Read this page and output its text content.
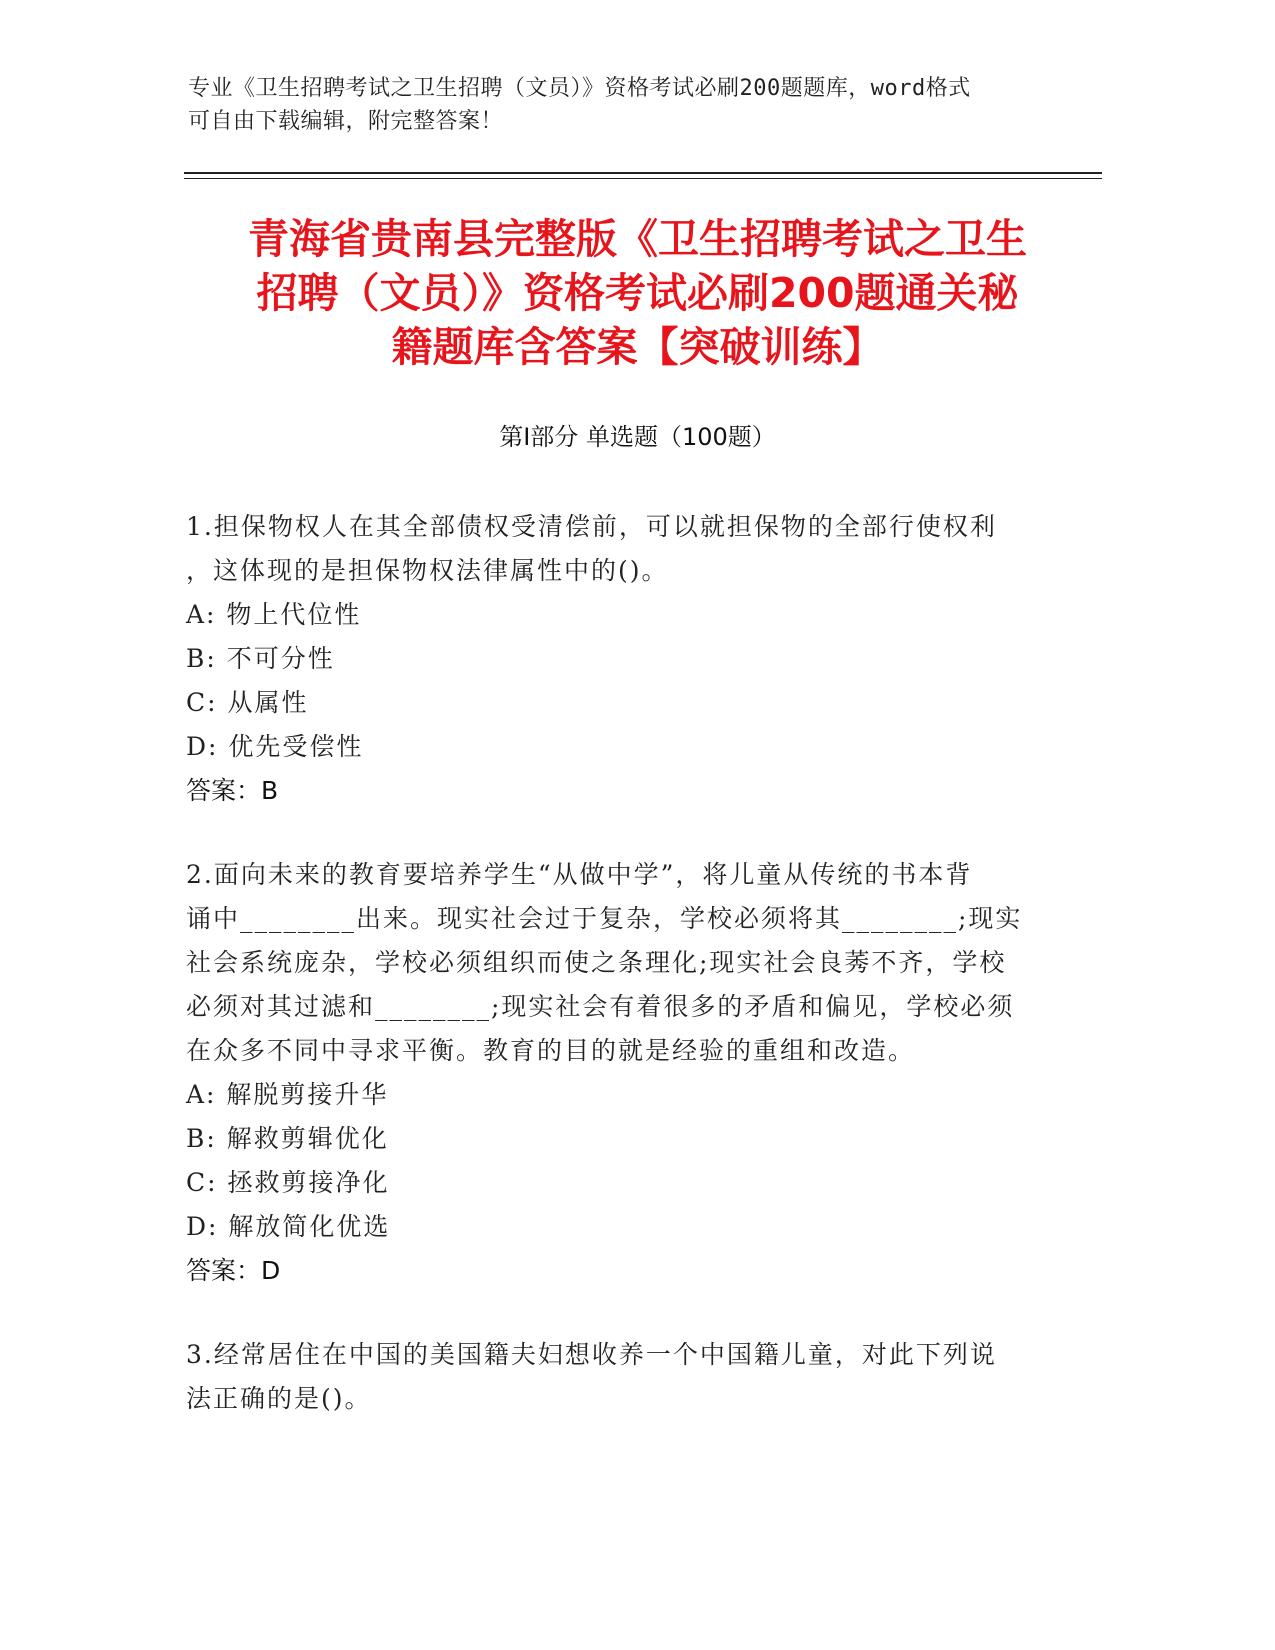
专业《卫生招聘考试之卫生招聘（文员）》资格考试必刷200题题库，word格式
可自由下载编辑，附完整答案！
青海省贵南县完整版《卫生招聘考试之卫生
招聘（文员）》资格考试必刷200题通关秘
籍题库含答案【突破训练】
第Ⅰ部分 单选题（100题）
1.担保物权人在其全部债权受清偿前，可以就担保物的全部行使权利
，这体现的是担保物权法律属性中的()。
A: 物上代位性
B: 不可分性
C: 从属性
D: 优先受偿性
答案：B
2.面向未来的教育要培养学生“从做中学”，将儿童从传统的书本背
诵中________出来。现实社会过于复杂，学校必须将其________;现实
社会系统庞杂，学校必须组织而使之条理化;现实社会良莠不齐，学校
必须对其过滤和________;现实社会有着很多的矛盾和偏见，学校必须
在众多不同中寻求平衡。教育的目的就是经验的重组和改造。
A: 解脱剪接升华
B: 解救剪辑优化
C: 拯救剪接净化
D: 解放简化优选
答案：D
3.经常居住在中国的美国籍夫妇想收养一个中国籍儿童，对此下列说
法正确的是()。
